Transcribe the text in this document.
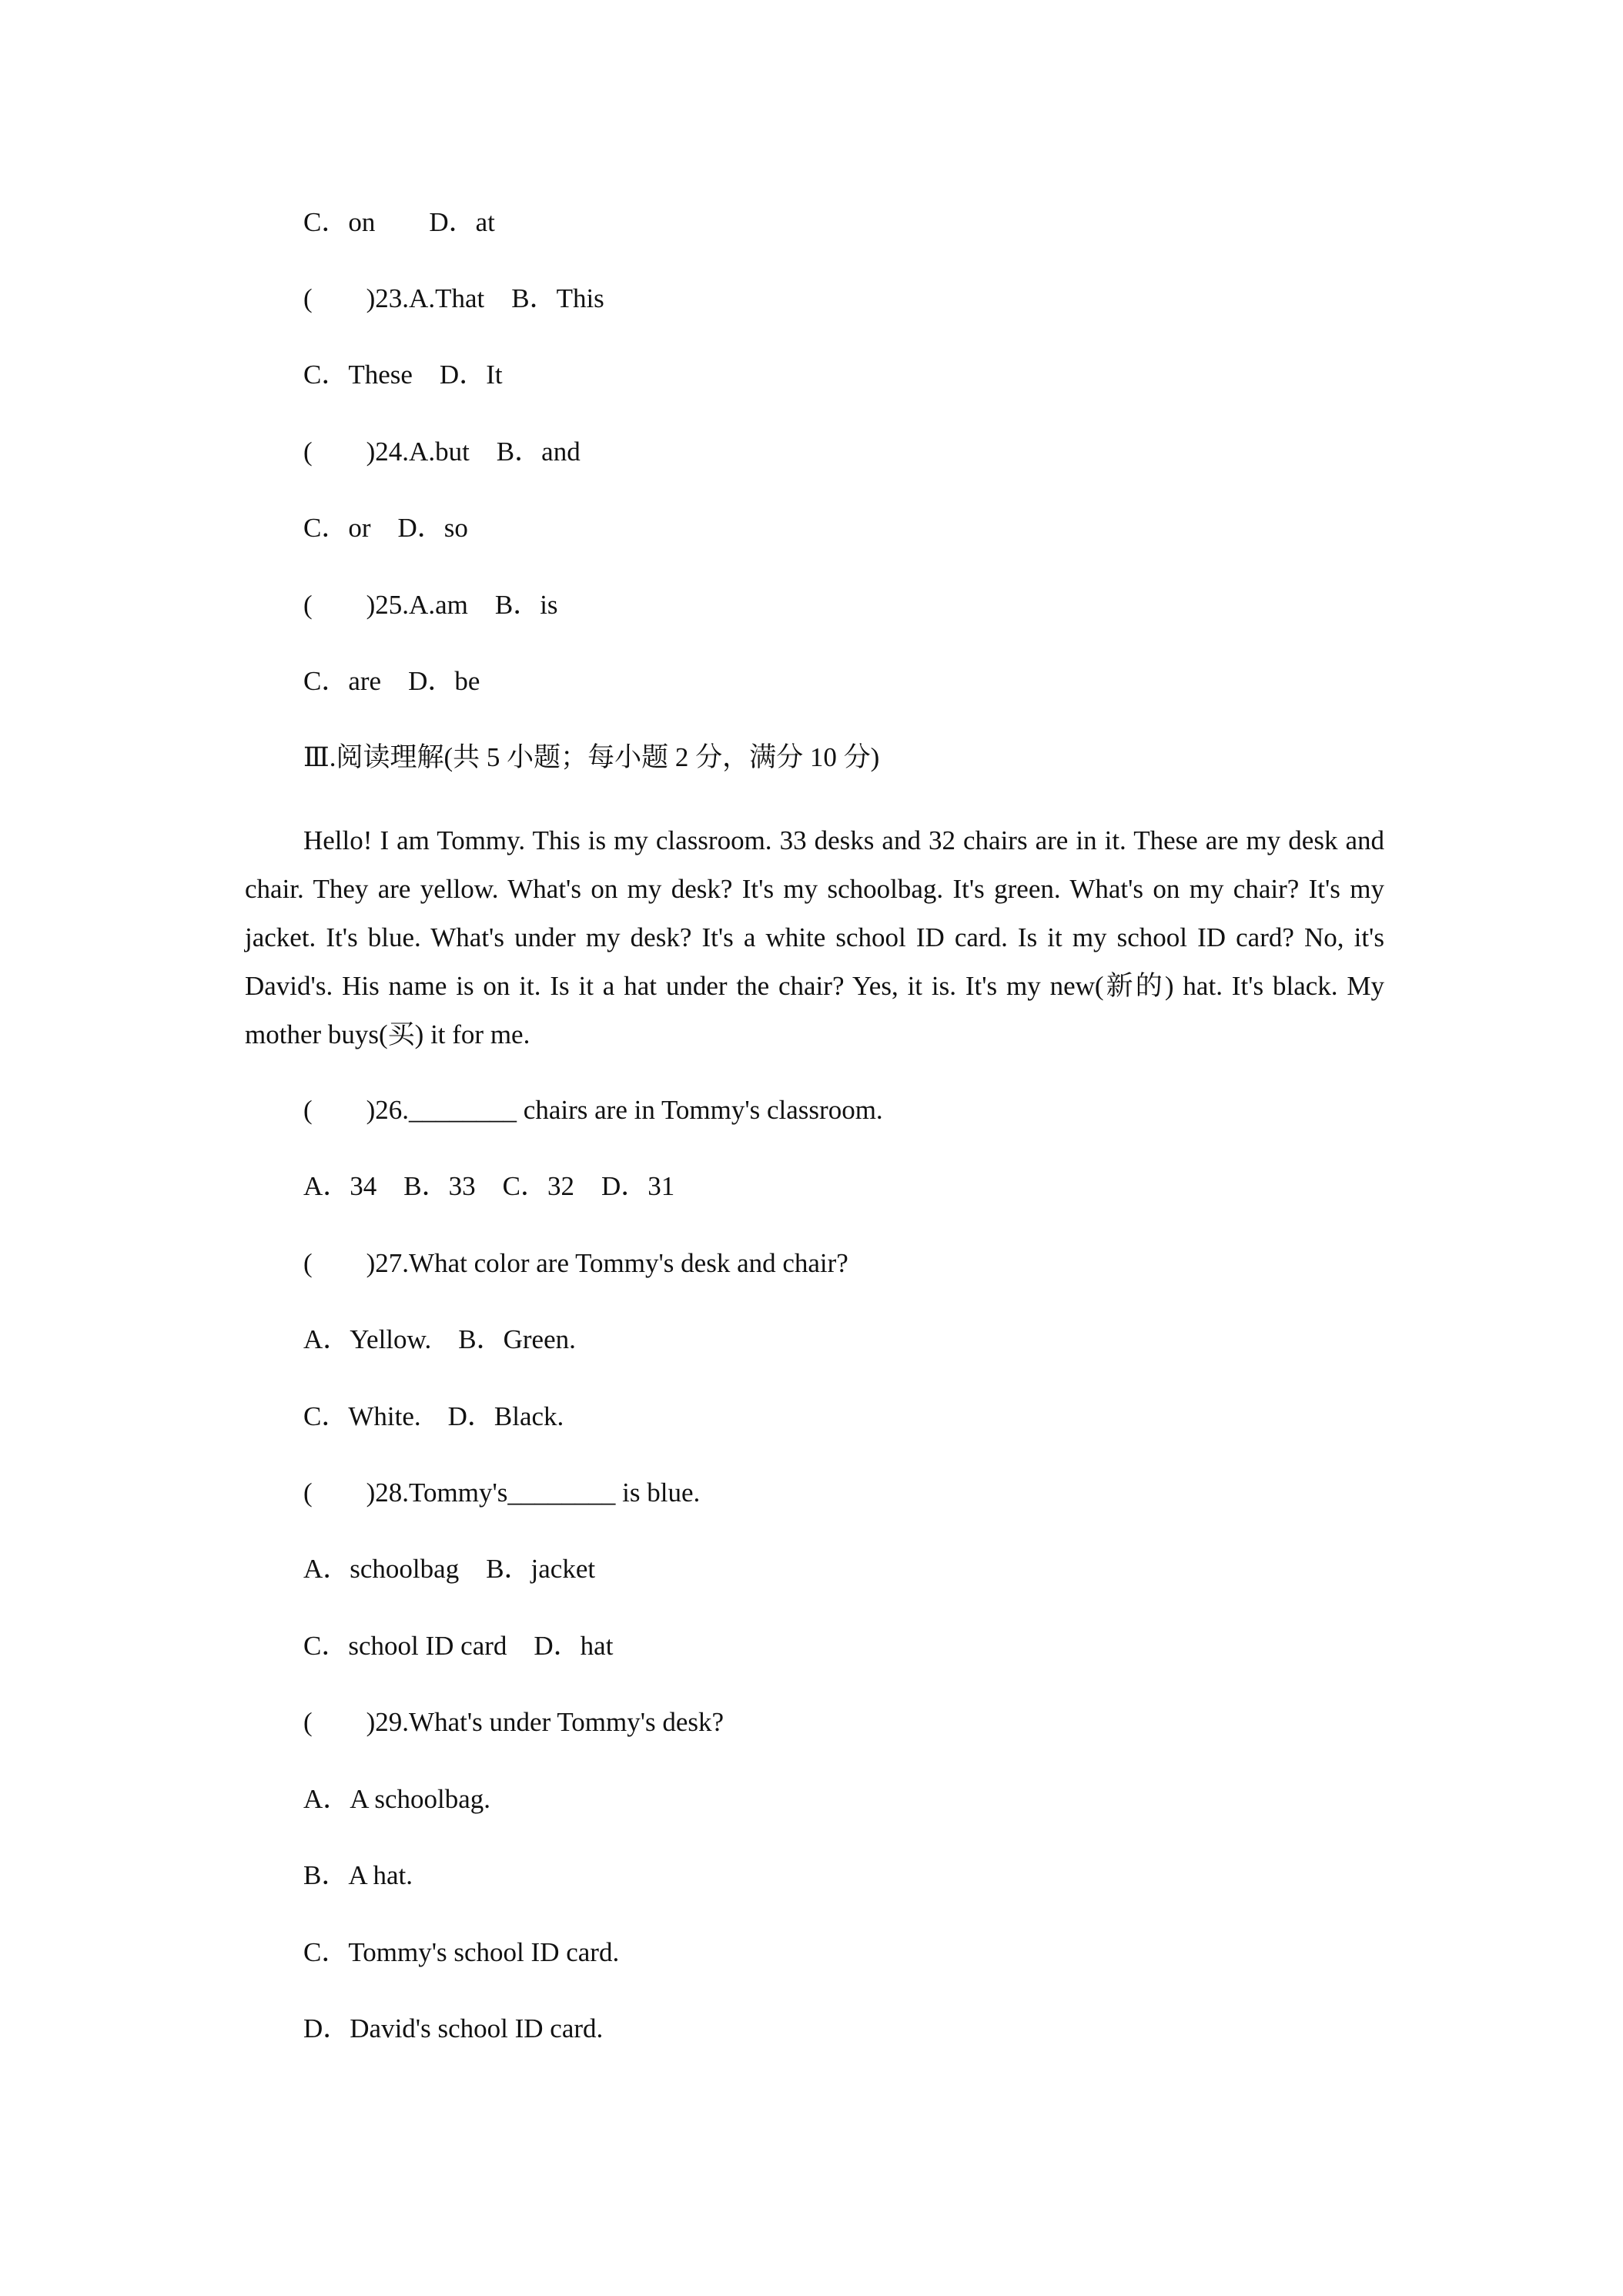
C．on　　D．at
(　　)23.A.That　B．This
C．These　D．It
(　　)24.A.but　B．and
C．or　D．so
(　　)25.A.am　B．is
C．are　D．be
Ⅲ.阅读理解(共 5 小题；每小题 2 分，满分 10 分)
Hello! I am Tommy. This is my classroom. 33 desks and 32 chairs are in it. These are my desk and chair. They are yellow. What's on my desk? It's my schoolbag. It's green. What's on my chair? It's my jacket. It's blue. What's under my desk? It's a white school ID card. Is it my school ID card? No, it's David's. His name is on it. Is it a hat under the chair? Yes, it is. It's my new(新的) hat. It's black. My mother buys(买) it for me.
(　　)26.________ chairs are in Tommy's classroom.
A．34　B．33　C．32　D．31
(　　)27.What color are Tommy's desk and chair?
A．Yellow.　B．Green.
C．White.　D．Black.
(　　)28.Tommy's________ is blue.
A．schoolbag　B．jacket
C．school ID card　D．hat
(　　)29.What's under Tommy's desk?
A．A schoolbag.
B．A hat.
C．Tommy's school ID card.
D．David's school ID card.
